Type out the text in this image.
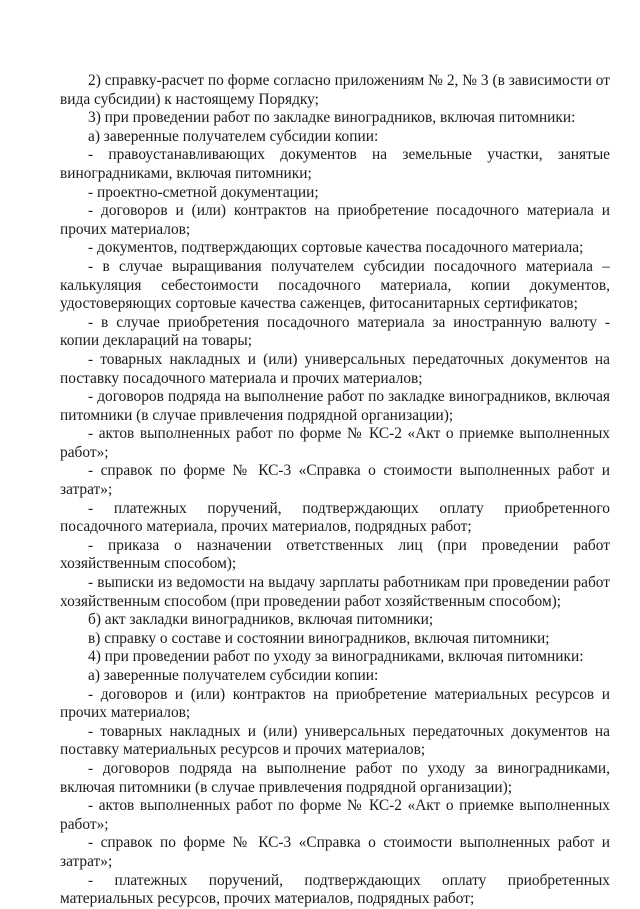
2) справку-расчет по форме согласно приложениям № 2, № 3 (в зависимости от вида субсидии) к настоящему Порядку;

3) при проведении работ по закладке виноградников, включая питомники:

а) заверенные получателем субсидии копии:

- правоустанавливающих документов на земельные участки, занятые виноградниками, включая питомники;

- проектно-сметной документации;

- договоров и (или) контрактов на приобретение посадочного материала и прочих материалов;

- документов, подтверждающих сортовые качества посадочного материала;

- в случае выращивания получателем субсидии посадочного материала – калькуляция себестоимости посадочного материала, копии документов, удостоверяющих сортовые качества саженцев, фитосанитарных сертификатов;

- в случае приобретения посадочного материала за иностранную валюту - копии деклараций на товары;

- товарных накладных и (или) универсальных передаточных документов на поставку посадочного материала и прочих материалов;

- договоров подряда на выполнение работ по закладке виноградников, включая питомники (в случае привлечения подрядной организации);

- актов выполненных работ по форме № КС-2 «Акт о приемке выполненных работ»;

- справок по форме № КС-3 «Справка о стоимости выполненных работ и затрат»;

- платежных поручений, подтверждающих оплату приобретенного посадочного материала, прочих материалов, подрядных работ;

- приказа о назначении ответственных лиц (при проведении работ хозяйственным способом);

- выписки из ведомости на выдачу зарплаты работникам при проведении работ хозяйственным способом (при проведении работ хозяйственным способом);

б) акт закладки виноградников, включая питомники;

в) справку о составе и состоянии виноградников, включая питомники;

4) при проведении работ по уходу за виноградниками, включая питомники:

а) заверенные получателем субсидии копии:

- договоров и (или) контрактов на приобретение материальных ресурсов и прочих материалов;

- товарных накладных и (или) универсальных передаточных документов на поставку материальных ресурсов и прочих материалов;

- договоров подряда на выполнение работ по уходу за виноградниками, включая питомники (в случае привлечения подрядной организации);

- актов выполненных работ по форме № КС-2 «Акт о приемке выполненных работ»;

- справок по форме № КС-3 «Справка о стоимости выполненных работ и затрат»;

- платежных поручений, подтверждающих оплату приобретенных материальных ресурсов, прочих материалов, подрядных работ;
